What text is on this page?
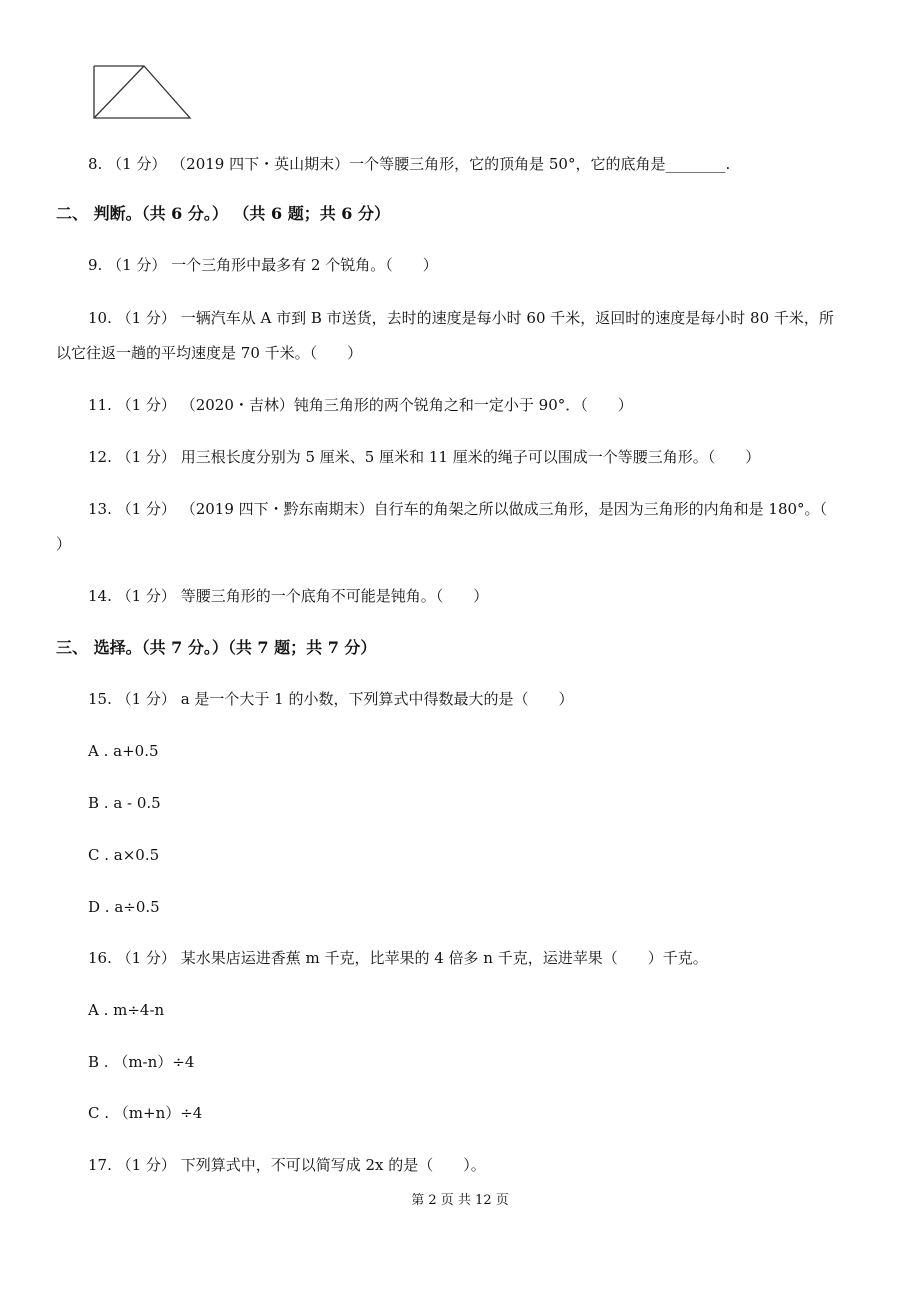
8. （1 分） （2019 四下・英山期末）一个等腰三角形，它的顶角是 50°，它的底角是________.
二、 判断。（共 6 分。） （共 6 题；共 6 分）
9. （1 分） 一个三角形中最多有 2 个锐角。（　　）
10. （1 分） 一辆汽车从 A 市到 B 市送货，去时的速度是每小时 60 千米，返回时的速度是每小时 80 千米，所
以它往返一趟的平均速度是 70 千米。（　　）
11. （1 分） （2020・吉林）钝角三角形的两个锐角之和一定小于 90°．（　　）
12. （1 分） 用三根长度分别为 5 厘米、5 厘米和 11 厘米的绳子可以围成一个等腰三角形。（　　）
13. （1 分） （2019 四下・黔东南期末）自行车的角架之所以做成三角形，是因为三角形的内角和是 180°。（
）
14. （1 分） 等腰三角形的一个底角不可能是钝角。（　　）
三、 选择。（共 7 分。）（共 7 题；共 7 分）
15. （1 分） a 是一个大于 1 的小数，下列算式中得数最大的是（　　）
A . a+0.5
B . a - 0.5
C . a×0.5
D . a÷0.5
16. （1 分） 某水果店运进香蕉 m 千克，比苹果的 4 倍多 n 千克，运进苹果（　　）千克。
A . m÷4-n
B . （m-n）÷4
C . （m+n）÷4
17. （1 分） 下列算式中，不可以简写成 2x 的是（　　）。
第 2 页 共 12 页
